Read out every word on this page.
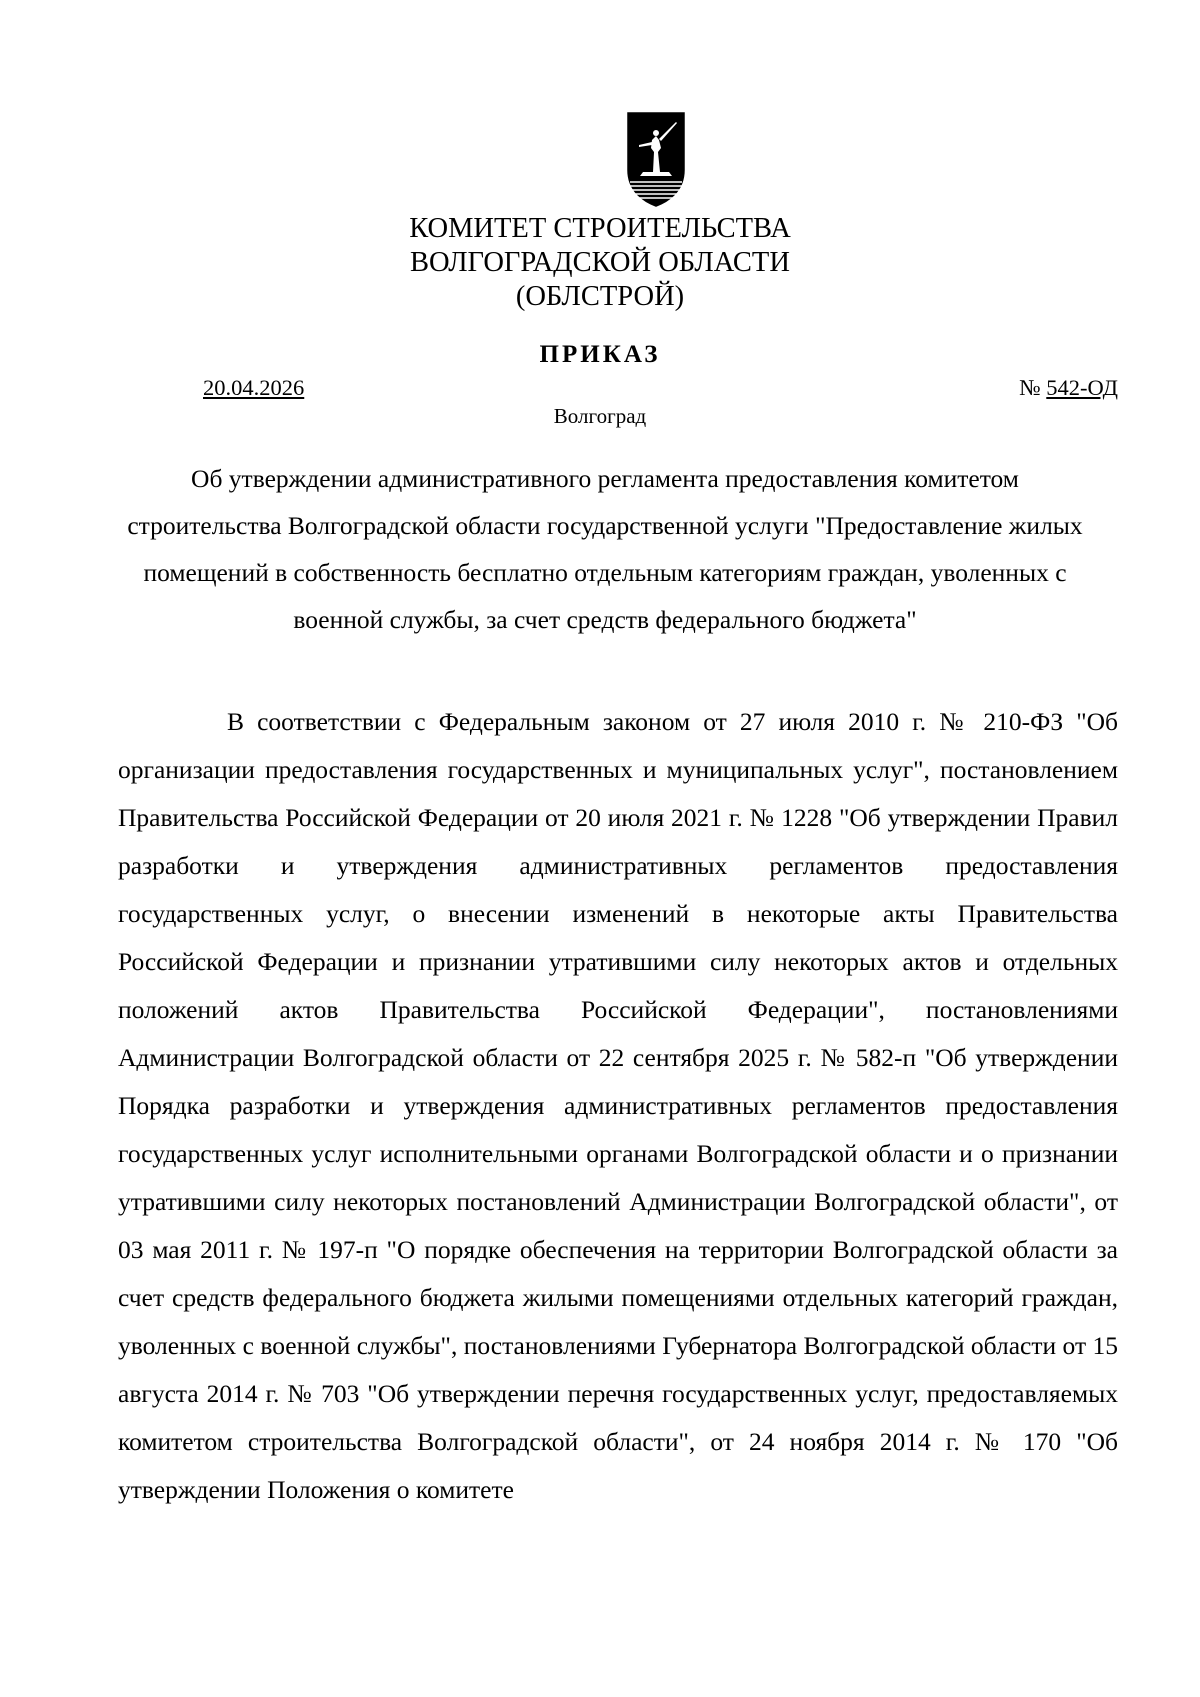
КОМИТЕТ СТРОИТЕЛЬСТВА
ВОЛГОГРАДСКОЙ ОБЛАСТИ
(ОБЛСТРОЙ)
ПРИКАЗ
20.04.2026	№ 542-ОД
Волгоград

Об утверждении административного регламента предоставления комитетом строительства Волгоградской области государственной услуги "Предоставление жилых помещений в собственность бесплатно отдельным категориям граждан, уволенных с военной службы, за счет средств федерального бюджета"

В соответствии с Федеральным законом от 27 июля 2010 г. № 210-ФЗ "Об организации предоставления государственных и муниципальных услуг", постановлением Правительства Российской Федерации от 20 июля 2021 г. № 1228 "Об утверждении Правил разработки и утверждения административных регламентов предоставления государственных услуг, о внесении изменений в некоторые акты Правительства Российской Федерации и признании утратившими силу некоторых актов и отдельных положений актов Правительства Российской Федерации", постановлениями Администрации Волгоградской области от 22 сентября 2025 г. № 582-п "Об утверждении Порядка разработки и утверждения административных регламентов предоставления государственных услуг исполнительными органами Волгоградской области и о признании утратившими силу некоторых постановлений Администрации Волгоградской области", от 03 мая 2011 г. № 197-п "О порядке обеспечения на территории Волгоградской области за счет средств федерального бюджета жилыми помещениями отдельных категорий граждан, уволенных с военной службы", постановлениями Губернатора Волгоградской области от 15 августа 2014 г. № 703 "Об утверждении перечня государственных услуг, предоставляемых комитетом строительства Волгоградской области", от 24 ноября 2014 г. № 170 "Об утверждении Положения о комитете
